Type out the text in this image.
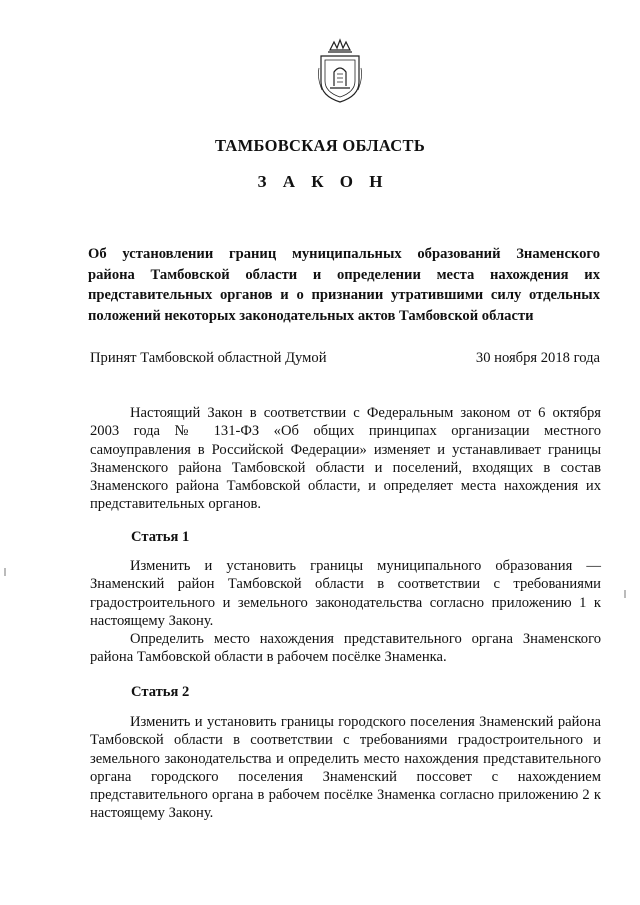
ТАМБОВСКАЯ ОБЛАСТЬ
З А К О Н
Об установлении границ муниципальных образований Знаменского
района Тамбовской области и определении места нахождения их
представительных органов и о признании утратившими силу отдельных
положений некоторых законодательных актов Тамбовской области
Принят Тамбовской областной Думой	30 ноября 2018 года

Настоящий Закон в соответствии с Федеральным законом от 6 октября 2003 года № 131-ФЗ «Об общих принципах организации местного самоуправления в Российской Федерации» изменяет и устанавливает границы Знаменского района Тамбовской области и поселений, входящих в состав Знаменского района Тамбовской области, и определяет места нахождения их представительных органов.

Статья 1

Изменить и установить границы муниципального образования — Знаменский район Тамбовской области в соответствии с требованиями градостроительного и земельного законодательства согласно приложению 1 к настоящему Закону.

Определить место нахождения представительного органа Знаменского района Тамбовской области в рабочем посёлке Знаменка.

Статья 2

Изменить и установить границы городского поселения Знаменский района Тамбовской области в соответствии с требованиями градостроительного и земельного законодательства и определить место нахождения представительного органа городского поселения Знаменский поссовет с нахождением представительного органа в рабочем посёлке Знаменка согласно приложению 2 к настоящему Закону.
